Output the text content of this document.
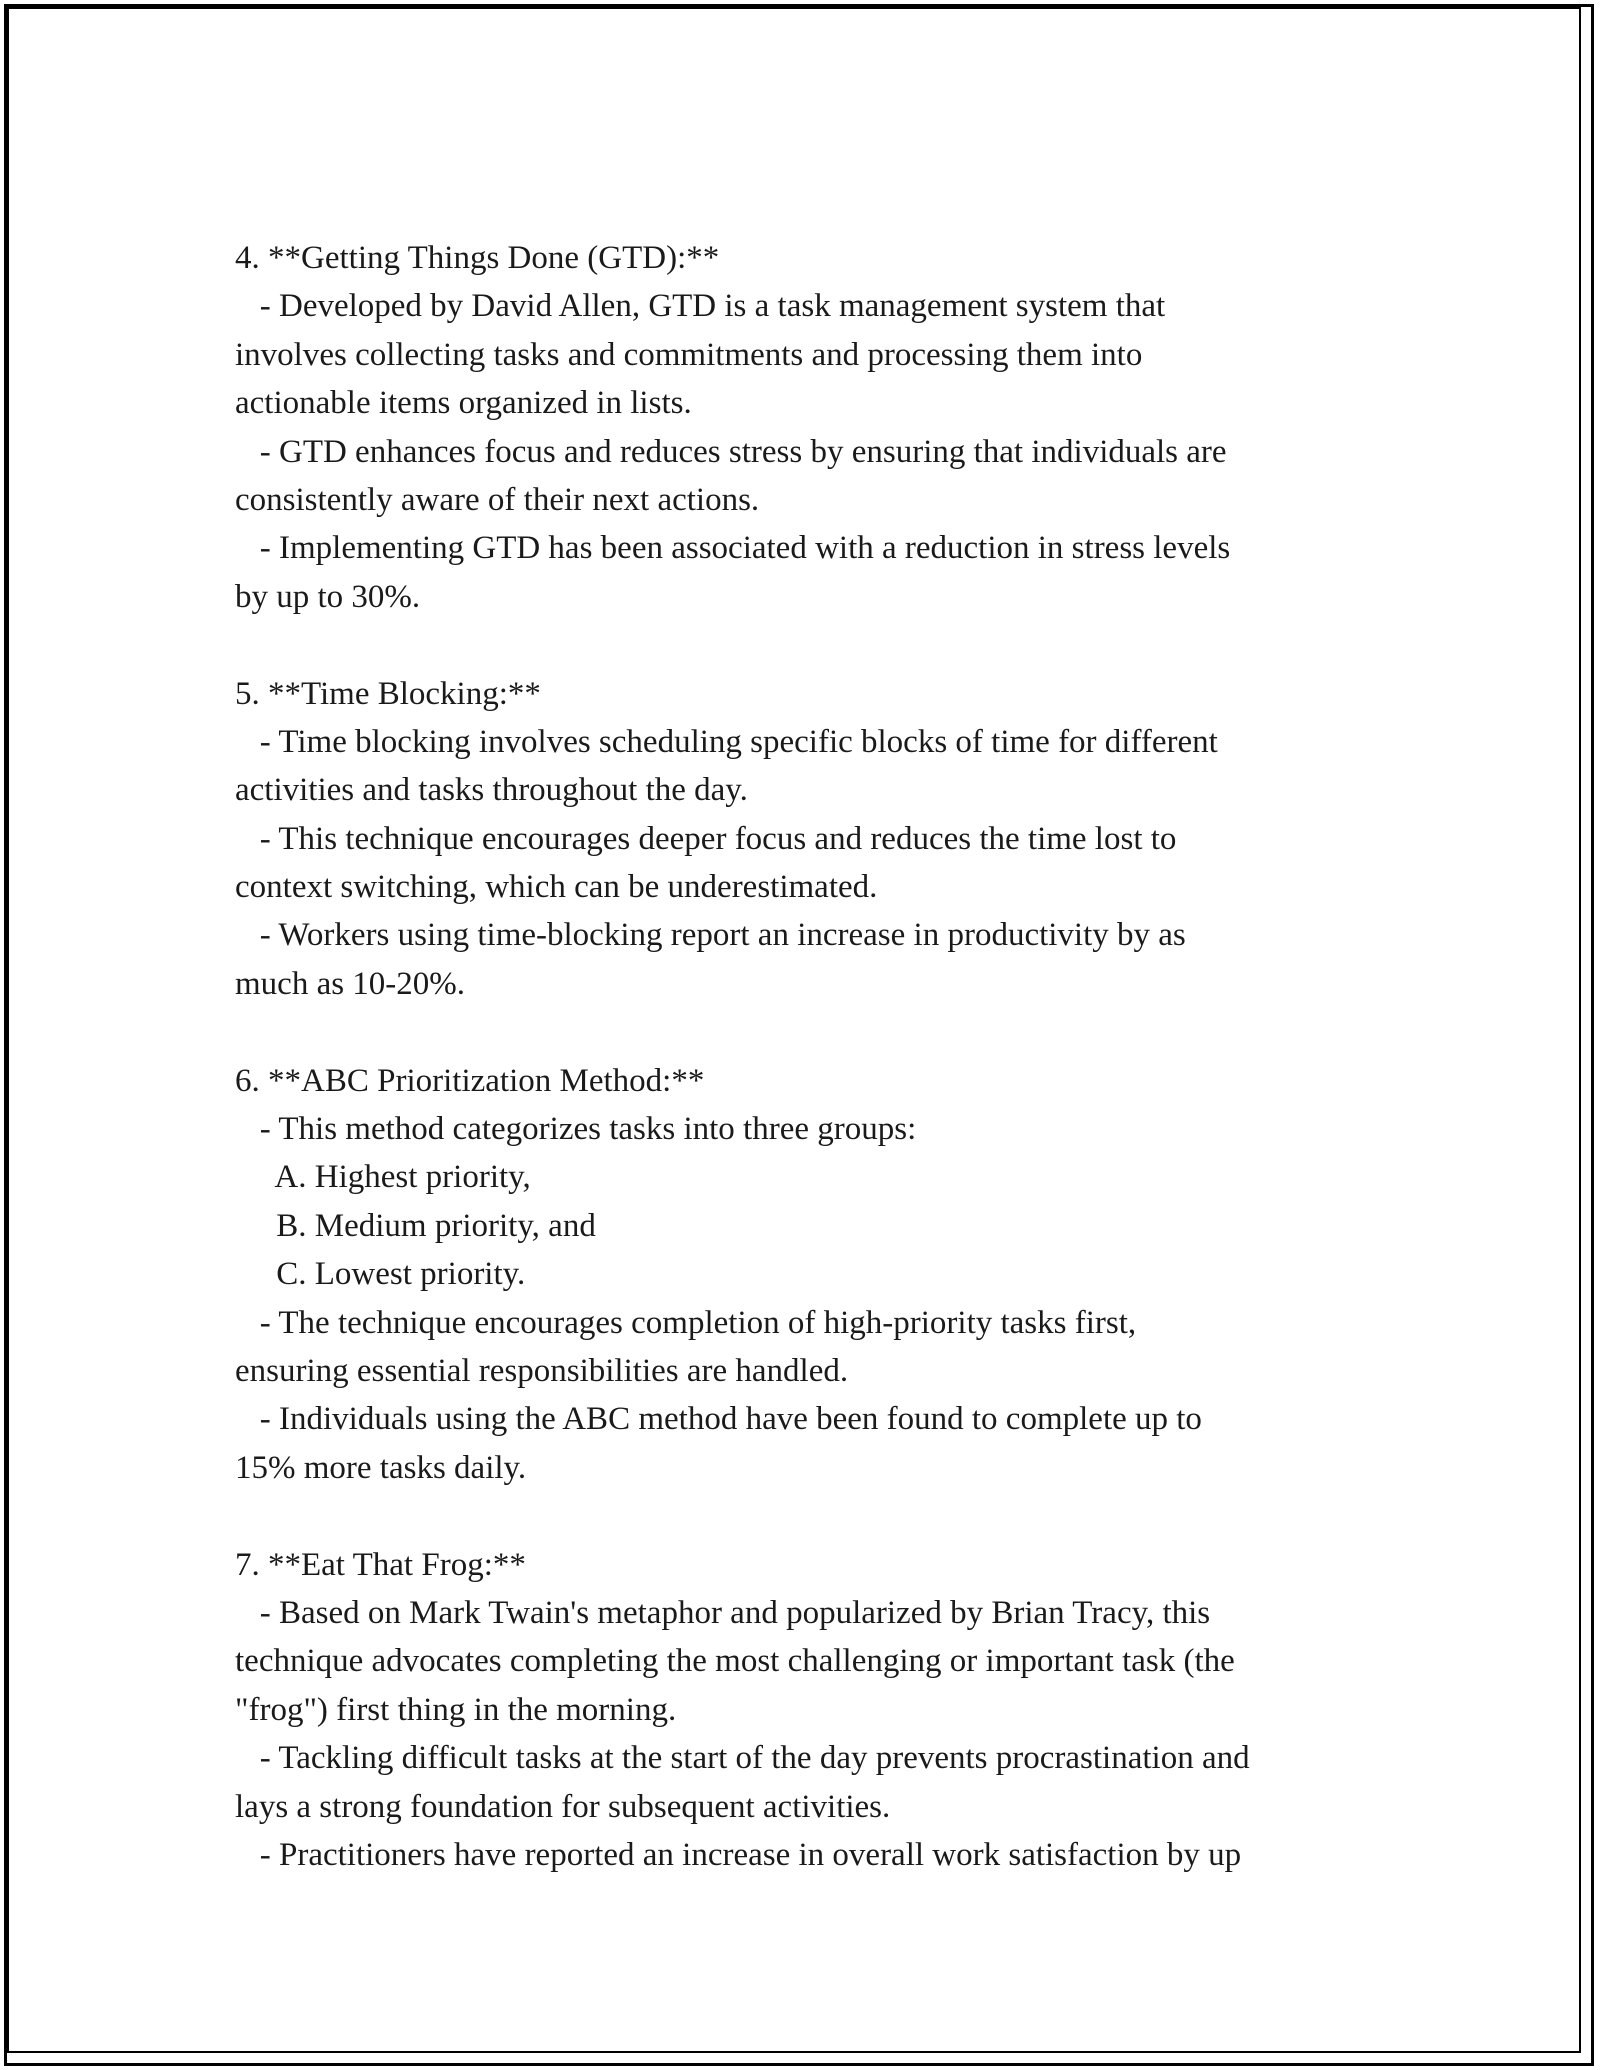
4. **Getting Things Done (GTD):**
- Developed by David Allen, GTD is a task management system that
involves collecting tasks and commitments and processing them into
actionable items organized in lists.
- GTD enhances focus and reduces stress by ensuring that individuals are
consistently aware of their next actions.
- Implementing GTD has been associated with a reduction in stress levels
by up to 30%.
5. **Time Blocking:**
- Time blocking involves scheduling specific blocks of time for different
activities and tasks throughout the day.
- This technique encourages deeper focus and reduces the time lost to
context switching, which can be underestimated.
- Workers using time-blocking report an increase in productivity by as
much as 10-20%.
6. **ABC Prioritization Method:**
- This method categorizes tasks into three groups:
A. Highest priority,
B. Medium priority, and
C. Lowest priority.
- The technique encourages completion of high-priority tasks first,
ensuring essential responsibilities are handled.
- Individuals using the ABC method have been found to complete up to
15% more tasks daily.
7. **Eat That Frog:**
- Based on Mark Twain's metaphor and popularized by Brian Tracy, this
technique advocates completing the most challenging or important task (the
"frog") first thing in the morning.
- Tackling difficult tasks at the start of the day prevents procrastination and
lays a strong foundation for subsequent activities.
- Practitioners have reported an increase in overall work satisfaction by up
